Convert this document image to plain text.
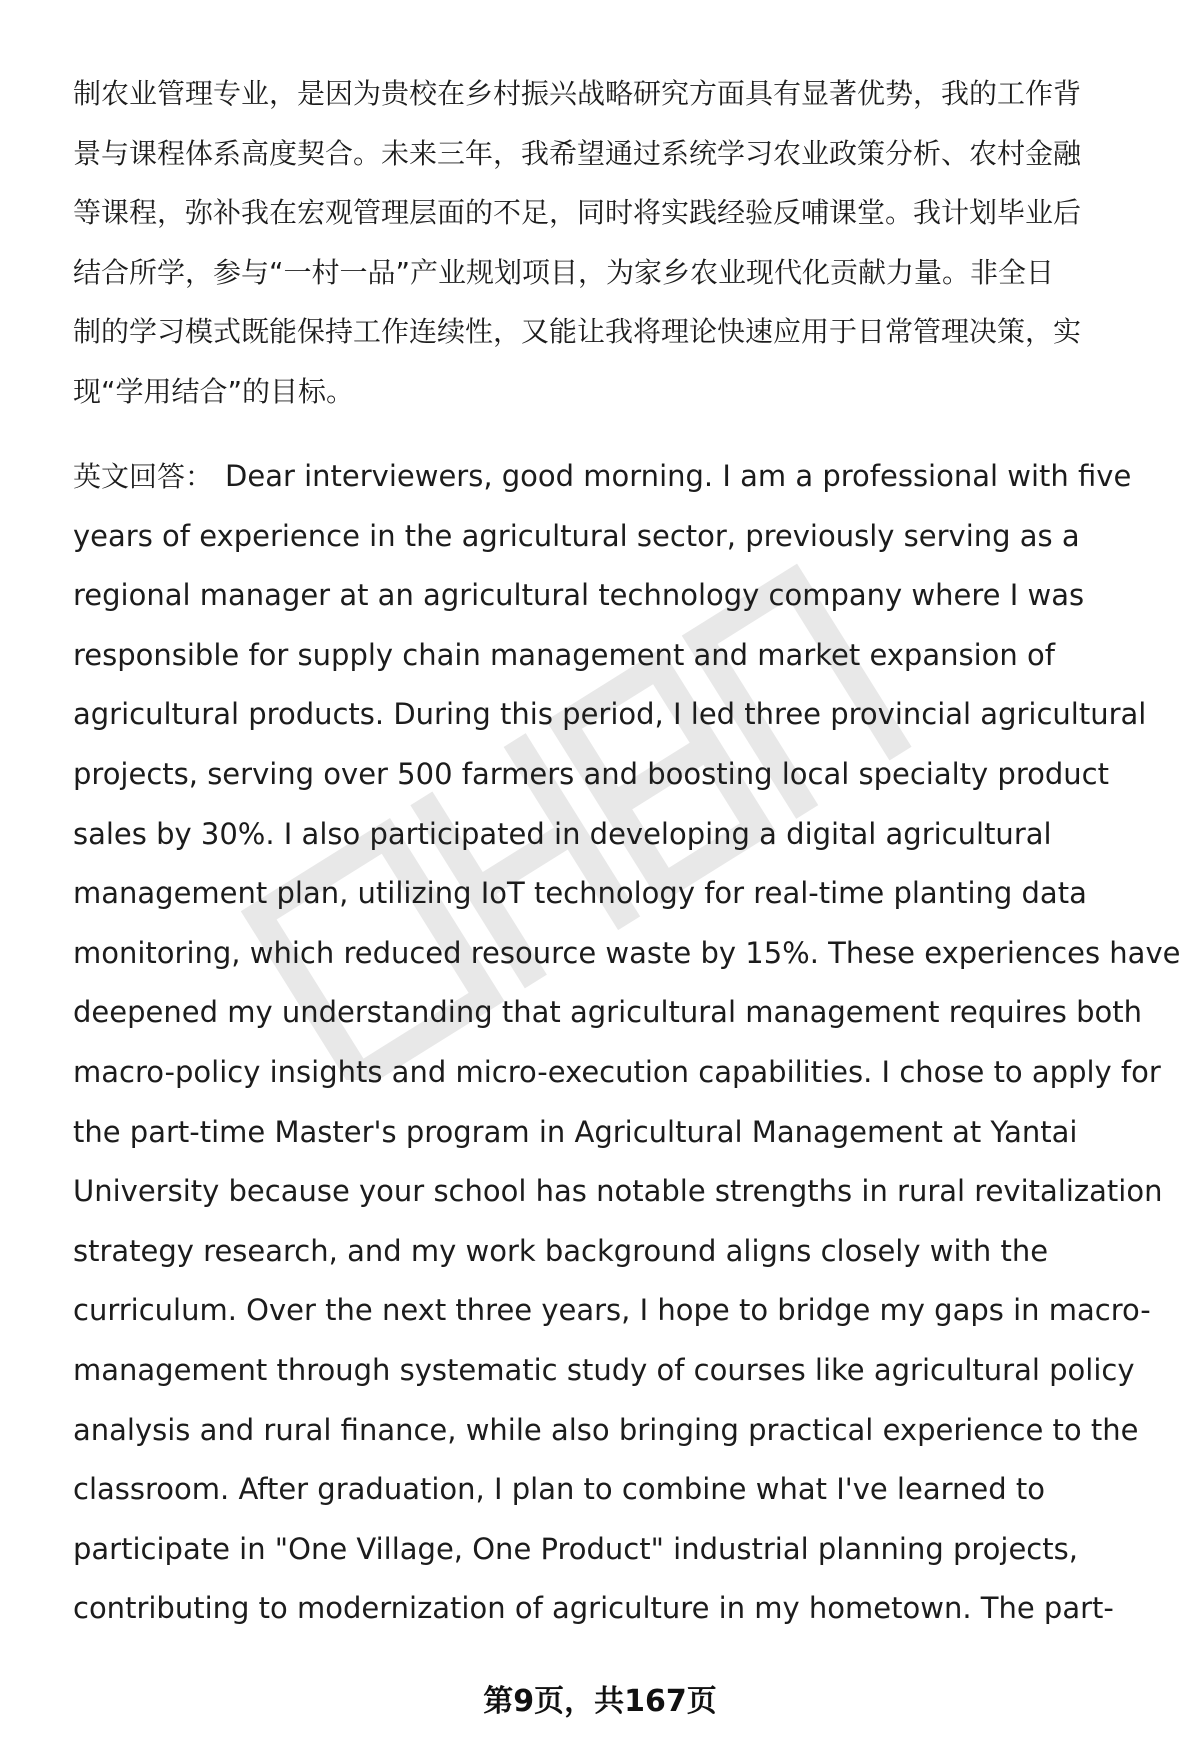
制农业管理专业，是因为贵校在乡村振兴战略研究方面具有显著优势，我的工作背
景与课程体系高度契合。未来三年，我希望通过系统学习农业政策分析、农村金融
等课程，弥补我在宏观管理层面的不足，同时将实践经验反哺课堂。我计划毕业后
结合所学，参与“一村一品”产业规划项目，为家乡农业现代化贡献力量。非全日
制的学习模式既能保持工作连续性，又能让我将理论快速应用于日常管理决策，实
现“学用结合”的目标。
英文回答： Dear interviewers, good morning. I am a professional with five
years of experience in the agricultural sector, previously serving as a
regional manager at an agricultural technology company where I was
responsible for supply chain management and market expansion of
agricultural products. During this period, I led three provincial agricultural
projects, serving over 500 farmers and boosting local specialty product
sales by 30%. I also participated in developing a digital agricultural
management plan, utilizing IoT technology for real-time planting data
monitoring, which reduced resource waste by 15%. These experiences have
deepened my understanding that agricultural management requires both
macro-policy insights and micro-execution capabilities. I chose to apply for
the part-time Master's program in Agricultural Management at Yantai
University because your school has notable strengths in rural revitalization
strategy research, and my work background aligns closely with the
curriculum. Over the next three years, I hope to bridge my gaps in macro-
management through systematic study of courses like agricultural policy
analysis and rural finance, while also bringing practical experience to the
classroom. After graduation, I plan to combine what I've learned to
participate in "One Village, One Product" industrial planning projects,
contributing to modernization of agriculture in my hometown. The part-
第9页，共167页
